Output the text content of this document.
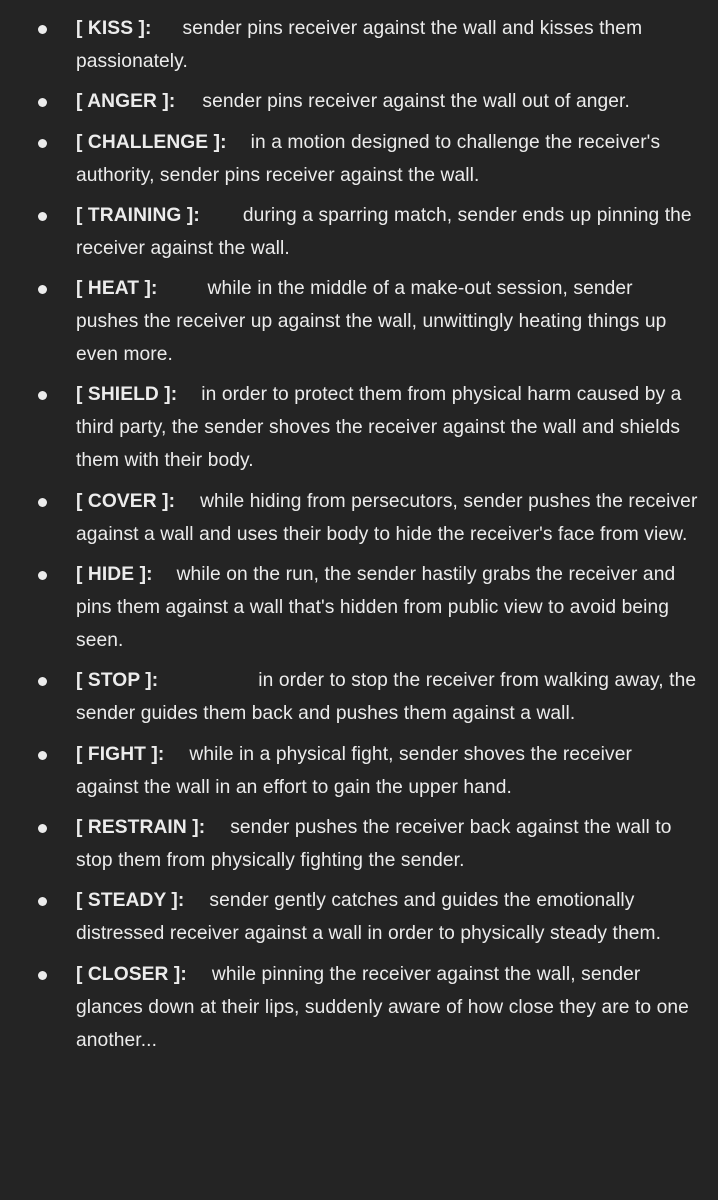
[ KISS ]: sender pins receiver against the wall and kisses them passionately.
[ ANGER ]: sender pins receiver against the wall out of anger.
[ CHALLENGE ]: in a motion designed to challenge the receiver's authority, sender pins receiver against the wall.
[ TRAINING ]: during a sparring match, sender ends up pinning the receiver against the wall.
[ HEAT ]:	while in the middle of a make-out session, sender pushes the receiver up against the wall, unwittingly heating things up even more.
[ SHIELD ]: in order to protect them from physical harm caused by a third party, the sender shoves the receiver against the wall and shields them with their body.
[ COVER ]: while hiding from persecutors, sender pushes the receiver against a wall and uses their body to hide the receiver's face from view.
[ HIDE ]: while on the run, the sender hastily grabs the receiver and pins them against a wall that's hidden from public view to avoid being seen.
[ STOP ]:	in order to stop the receiver from walking away, the sender guides them back and pushes them against a wall.
[ FIGHT ]: while in a physical fight, sender shoves the receiver against the wall in an effort to gain the upper hand.
[ RESTRAIN ]: sender pushes the receiver back against the wall to stop them from physically fighting the sender.
[ STEADY ]: sender gently catches and guides the emotionally distressed receiver against a wall in order to physically steady them.
[ CLOSER ]: while pinning the receiver against the wall, sender glances down at their lips, suddenly aware of how close they are to one another...
